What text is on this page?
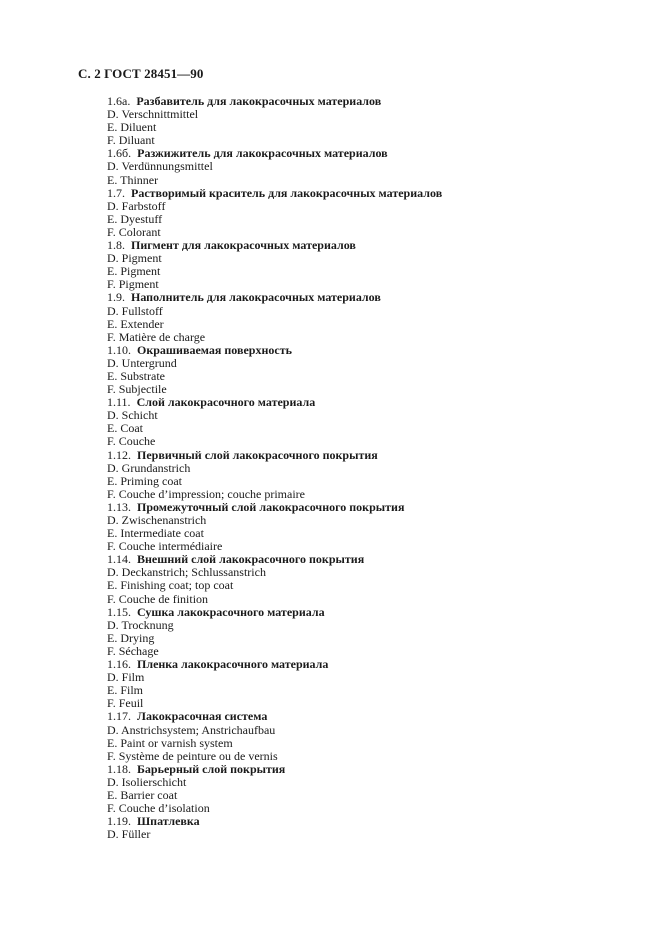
С. 2 ГОСТ 28451—90
1.6а. Разбавитель для лакокрасочных материалов
D. Verschnittmittel
E. Diluent
F. Diluant
1.6б. Разжижитель для лакокрасочных материалов
D. Verdünnungsmittel
E. Thinner
1.7. Растворимый краситель для лакокрасочных материалов
D. Farbstoff
E. Dyestuff
F. Colorant
1.8. Пигмент для лакокрасочных материалов
D. Pigment
E. Pigment
F. Pigment
1.9. Наполнитель для лакокрасочных материалов
D. Fullstoff
E. Extender
F. Matière de charge
1.10. Окрашиваемая поверхность
D. Untergrund
E. Substrate
F. Subjectile
1.11. Слой лакокрасочного материала
D. Schicht
E. Coat
F. Couche
1.12. Первичный слой лакокрасочного покрытия
D. Grundanstrich
E. Priming coat
F. Couche d’impression; couche primaire
1.13. Промежуточный слой лакокрасочного покрытия
D. Zwischenanstrich
E. Intermediate coat
F. Couche intermédiaire
1.14. Внешний слой лакокрасочного покрытия
D. Deckanstrich; Schlussanstrich
E. Finishing coat; top coat
F. Couche de finition
1.15. Сушка лакокрасочного материала
D. Trocknung
E. Drying
F. Séchage
1.16. Пленка лакокрасочного материала
D. Film
E. Film
F. Feuil
1.17. Лакокрасочная система
D. Anstrichsystem; Anstrichaufbau
E. Paint or varnish system
F. Système de peinture ou de vernis
1.18. Барьерный слой покрытия
D. Isolierschicht
E. Barrier coat
F. Couche d’isolation
1.19. Шпатлевка
D. Füller
